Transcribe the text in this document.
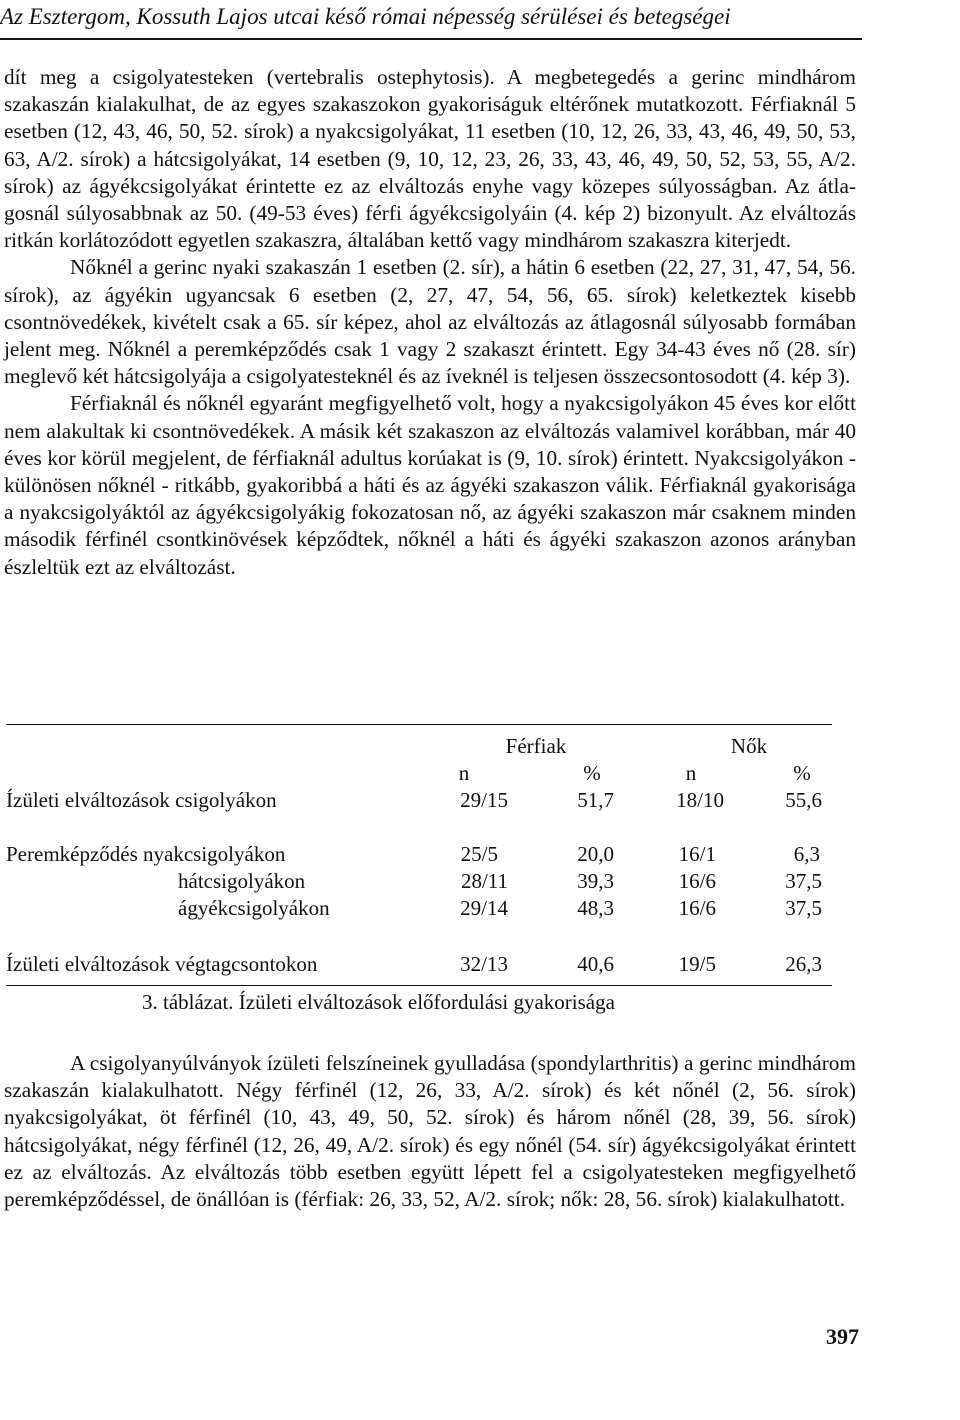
Az Esztergom, Kossuth Lajos utcai késő római népesség sérülései és betegségei

dít meg a csigolyatesteken (vertebralis ostephytosis). A megbetegedés a gerinc mindhárom szakaszán kialakulhat, de az egyes szakaszokon gyakoriságuk eltérőnek mutatkozott. Férfiaknál 5 esetben (12, 43, 46, 50, 52. sírok) a nyakcsigolyákat, 11 esetben (10, 12, 26, 33, 43, 46, 49, 50, 53, 63, A/2. sírok) a hátcsigolyákat, 14 esetben (9, 10, 12, 23, 26, 33, 43, 46, 49, 50, 52, 53, 55, A/2. sírok) az ágyékcsigolyákat érintette ez az elváltozás enyhe vagy közepes súlyosságban. Az átlagosnál súlyosabbnak az 50. (49-53 éves) férfi ágyékcsigolyáin (4. kép 2) bizonyult. Az elváltozás ritkán korlátozódott egyetlen szakaszra, általában kettő vagy mindhárom szakaszra kiterjedt.

Nőknél a gerinc nyaki szakaszán 1 esetben (2. sír), a hátin 6 esetben (22, 27, 31, 47, 54, 56. sírok), az ágyékin ugyancsak 6 esetben (2, 27, 47, 54, 56, 65. sírok) keletkeztek kisebb csontnövedékek, kivételt csak a 65. sír képez, ahol az elváltozás az átlagosnál súlyosabb formában jelent meg. Nőknél a peremképződés csak 1 vagy 2 szakaszt érintett. Egy 34-43 éves nő (28. sír) meglevő két hátcsigolyája a csigolyatesteknél és az íveknél is teljesen összecsontosodott (4. kép 3).

Férfiaknál és nőknél egyaránt megfigyelhető volt, hogy a nyakcsigolyákon 45 éves kor előtt nem alakultak ki csontnövedékek. A másik két szakaszon az elváltozás valamivel korábban, már 40 éves kor körül megjelent, de férfiaknál adultus korúakat is (9, 10. sírok) érintett. Nyakcsigolyákon - különösen nőknél - ritkább, gyakoribbá a háti és az ágyéki szakaszon válik. Férfiaknál gyakorisága a nyakcsigolyáktól az ágyékcsigolyákig fokozatosan nő, az ágyéki szakaszon már csaknem minden második férfinél csontkinövések képződtek, nőknél a háti és ágyéki szakaszon azonos arányban észleltük ezt az elváltozást.

Férfiak	Nők
n	%	n	%
Ízületi elváltozások csigolyákon	29/15	51,7	18/10	55,6
Peremképződés nyakcsigolyákon	25/5	20,0	16/1	6,3
hátcsigolyákon	28/11	39,3	16/6	37,5
ágyékcsigolyákon	29/14	48,3	16/6	37,5
Ízületi elváltozások végtagcsontokon	32/13	40,6	19/5	26,3
3. táblázat. Ízületi elváltozások előfordulási gyakorisága

A csigolyanyúlványok ízületi felszíneinek gyulladása (spondylarthritis) a gerinc mindhárom szakaszán kialakulhatott. Négy férfinél (12, 26, 33, A/2. sírok) és két nőnél (2, 56. sírok) nyakcsigolyákat, öt férfinél (10, 43, 49, 50, 52. sírok) és három nőnél (28, 39, 56. sírok) hátcsigolyákat, négy férfinél (12, 26, 49, A/2. sírok) és egy nőnél (54. sír) ágyékcsigolyákat érintett ez az elváltozás. Az elváltozás több esetben együtt lépett fel a csigolyatesteken megfigyelhető peremképződéssel, de önállóan is (férfiak: 26, 33, 52, A/2. sírok; nők: 28, 56. sírok) kialakulhatott.

397
